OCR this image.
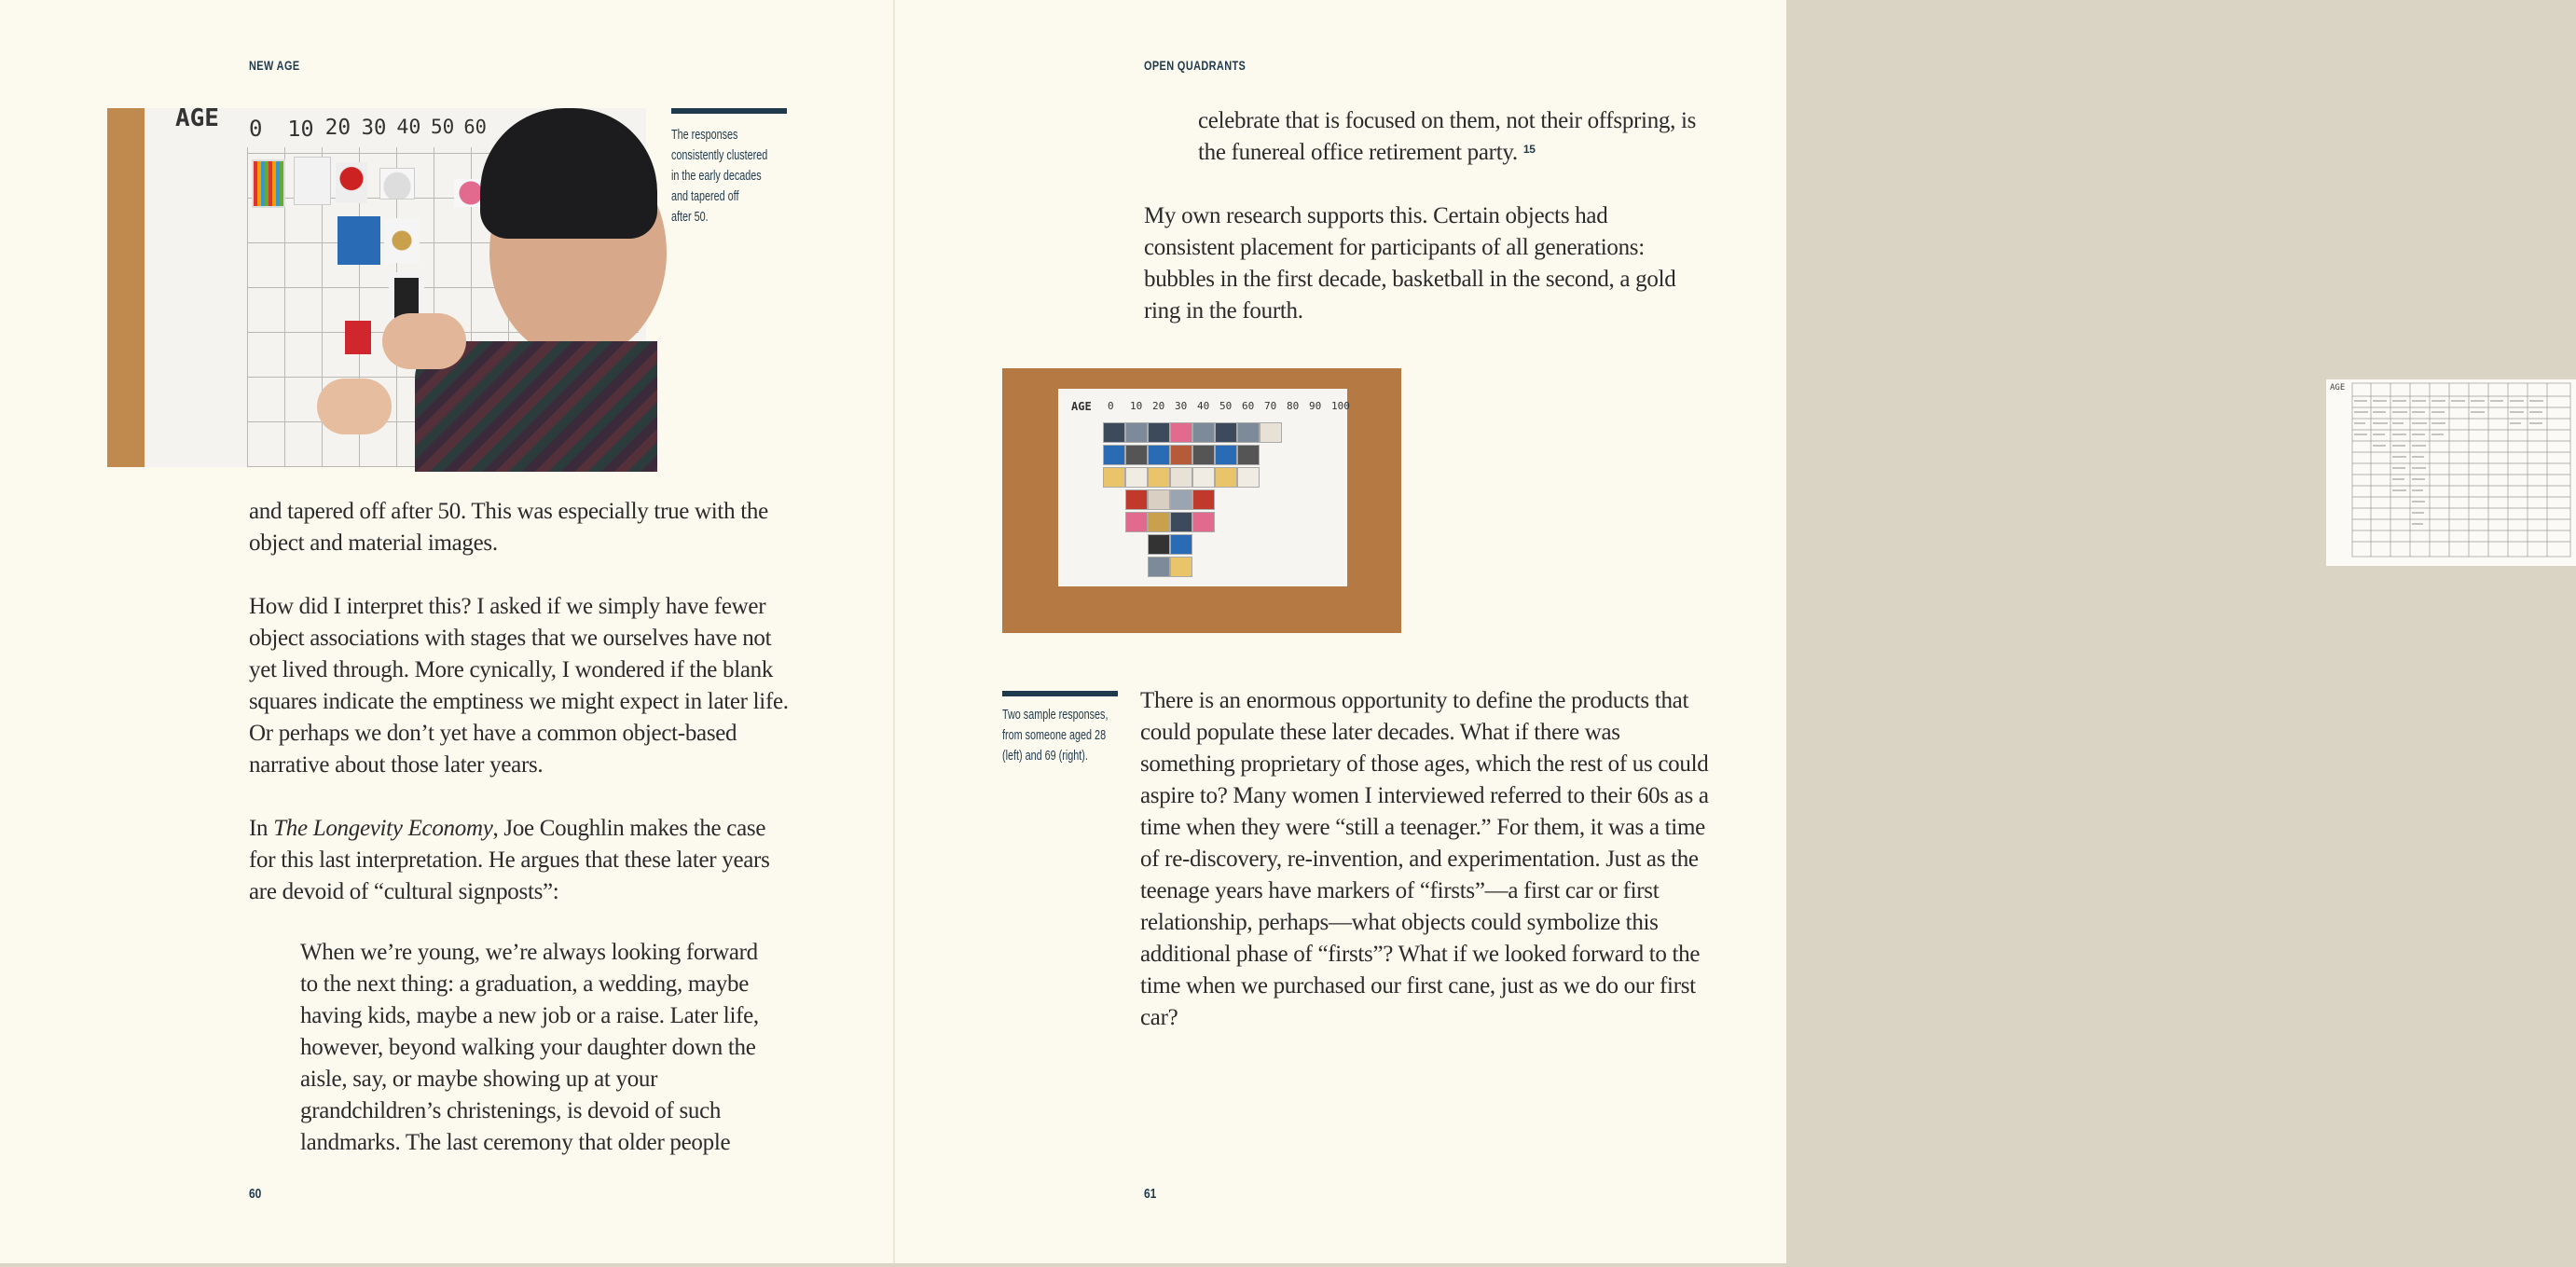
NEW AGE
AGE 0 10 20 30 40 50 60	The responses
consistently clustered
in the early decades
and tapered off
after 50.

and tapered off after 50. This was especially true with the object and material images.

How did I interpret this? I asked if we simply have fewer object associations with stages that we ourselves have not yet lived through. More cynically, I wondered if the blank squares indicate the emptiness we might expect in later life. Or perhaps we don’t yet have a common object-based narrative about those later years.

In The Longevity Economy, Joe Coughlin makes the case for this last interpretation. He argues that these later years are devoid of “cultural signposts”:

When we’re young, we’re always looking forward to the next thing: a graduation, a wedding, maybe having kids, maybe a new job or a raise. Later life, however, beyond walking your daughter down the aisle, say, or maybe showing up at your grandchildren’s christenings, is devoid of such landmarks. The last ceremony that older people
60
OPEN QUADRANTS
celebrate that is focused on them, not their offspring, is the funereal office retirement party. $^{15}$

My own research supports this. Certain objects had consistent placement for participants of all generations: bubbles in the first decade, basketball in the second, a gold ring in the fourth.

AGE 0 10 20 30 40 50 60 70 80 90 100
AGE
Two sample responses,
from someone aged 28
(left) and 69 (right).

There is an enormous opportunity to define the products that could populate these later decades. What if there was something proprietary of those ages, which the rest of us could aspire to? Many women I interviewed referred to their 60s as a time when they were “still a teenager.” For them, it was a time of re-discovery, re-invention, and experimentation. Just as the teenage years have markers of “firsts”—a first car or first relationship, perhaps—what objects could symbolize this additional phase of “firsts”? What if we looked forward to the time when we purchased our first cane, just as we do our first car?

61
